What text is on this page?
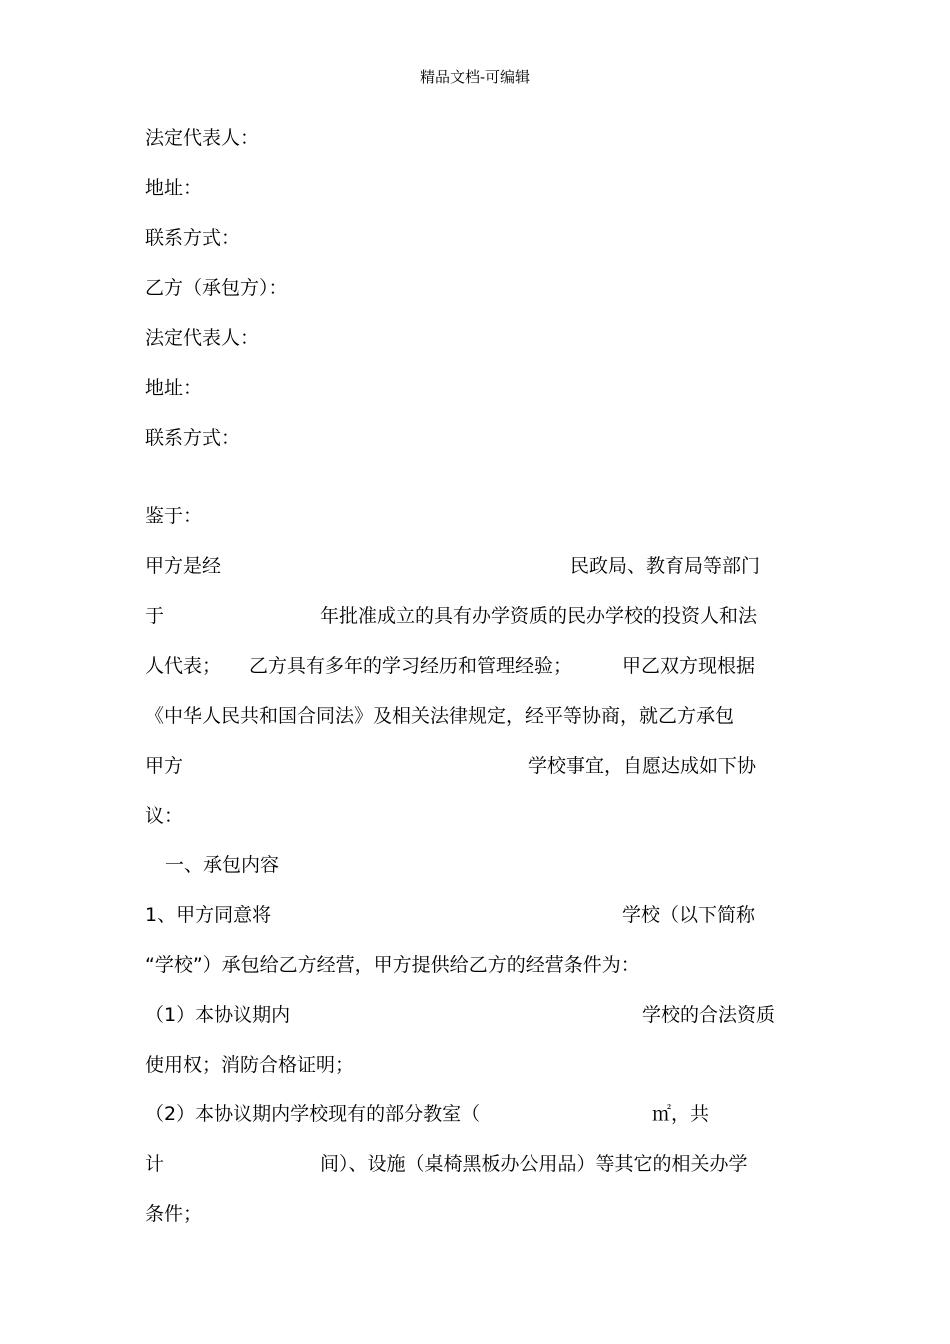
精品文档-可编辑
法定代表人：
地址：
联系方式：
乙方（承包方）：
法定代表人：
地址：
联系方式：
鉴于：
甲方是经	民政局、教育局等部门
于	年批准成立的具有办学资质的民办学校的投资人和法
人代表； 乙方具有多年的学习经历和管理经验；	甲乙双方现根据
《中华人民共和国合同法》及相关法律规定，经平等协商，就乙方承包
甲方	学校事宜，自愿达成如下协
议：
一、承包内容
1、甲方同意将	学校（以下简称
“学校”）承包给乙方经营，甲方提供给乙方的经营条件为：
（1）本协议期内	学校的合法资质
使用权；消防合格证明；
（2）本协议期内学校现有的部分教室（	㎡，共
计	间）、设施（桌椅黑板办公用品）等其它的相关办学
条件；
